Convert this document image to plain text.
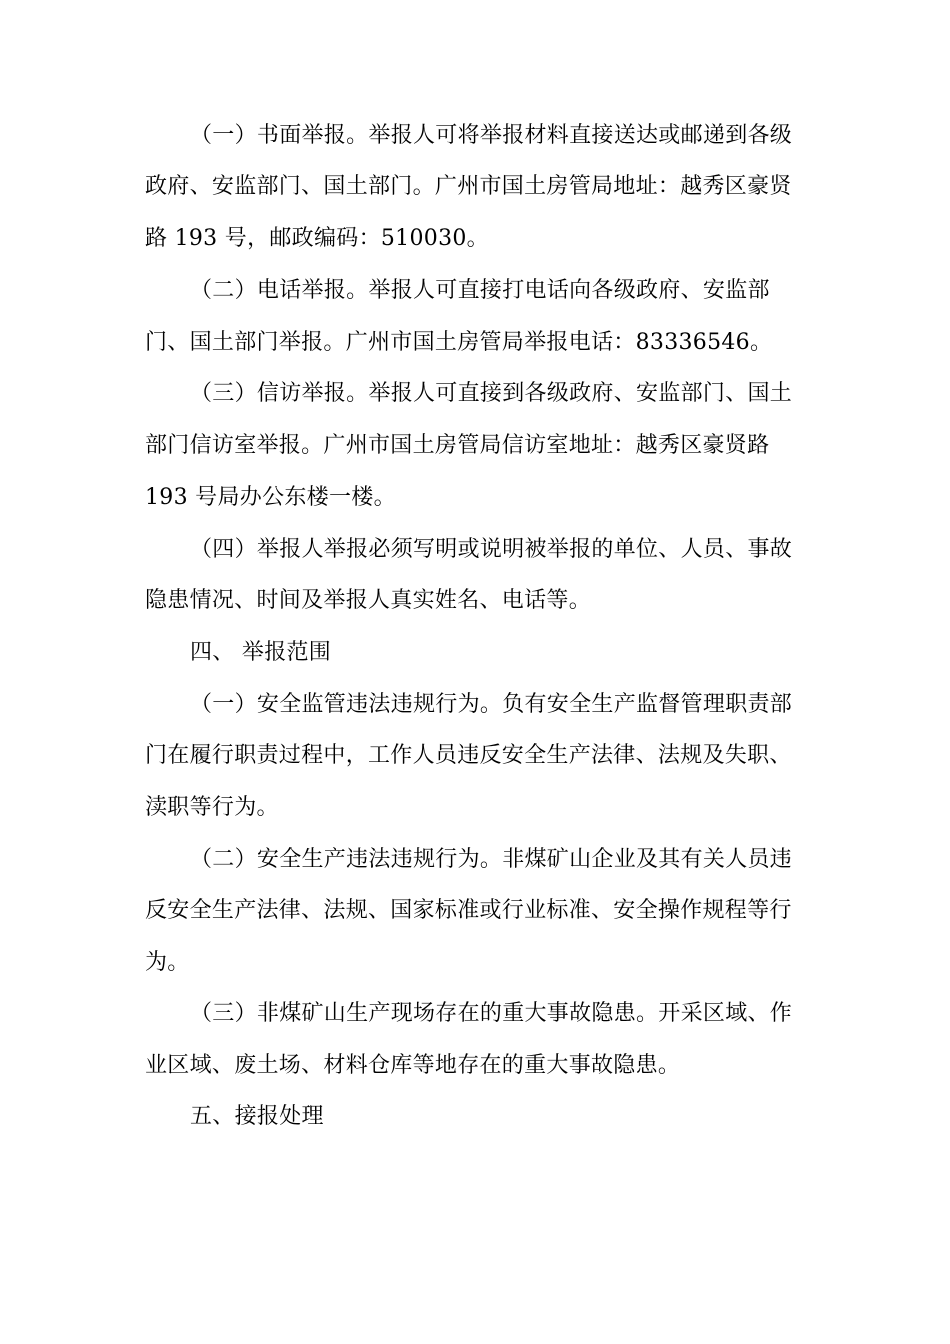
（一）书面举报。举报人可将举报材料直接送达或邮递到各级
政府、安监部门、国土部门。广州市国土房管局地址：越秀区豪贤
路 193 号，邮政编码：510030。
（二）电话举报。举报人可直接打电话向各级政府、安监部
门、国土部门举报。广州市国土房管局举报电话：83336546。
（三）信访举报。举报人可直接到各级政府、安监部门、国土
部门信访室举报。广州市国土房管局信访室地址：越秀区豪贤路
193 号局办公东楼一楼。
（四）举报人举报必须写明或说明被举报的单位、人员、事故
隐患情况、时间及举报人真实姓名、电话等。
四、 举报范围
（一）安全监管违法违规行为。负有安全生产监督管理职责部
门在履行职责过程中，工作人员违反安全生产法律、法规及失职、
渎职等行为。
（二）安全生产违法违规行为。非煤矿山企业及其有关人员违
反安全生产法律、法规、国家标准或行业标准、安全操作规程等行
为。
（三）非煤矿山生产现场存在的重大事故隐患。开采区域、作
业区域、废土场、材料仓库等地存在的重大事故隐患。
五、接报处理
